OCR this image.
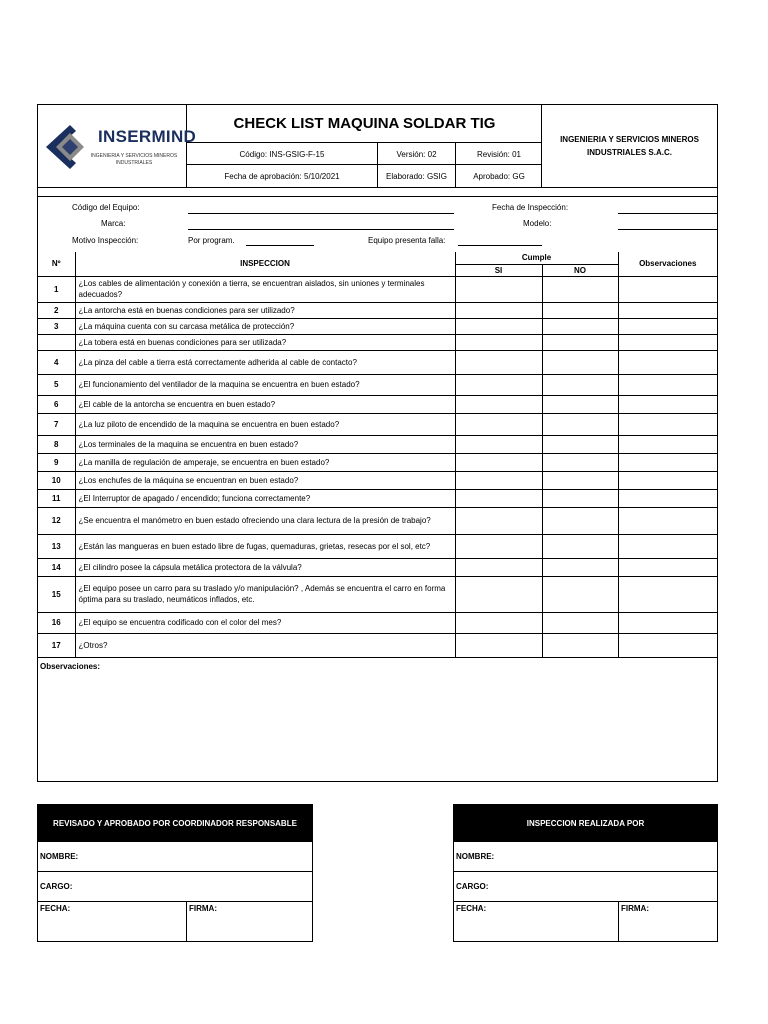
INSERMIND
INGENIERIA Y SERVICIOS MINEROS INDUSTRIALES
CHECK LIST MAQUINA SOLDAR TIG
Código: INS-GSIG-F-15	Versión: 02	Revisión: 01
Fecha de aprobación: 5/10/2021	Elaborado: GSIG	Aprobado: GG
INGENIERIA Y SERVICIOS MINEROS INDUSTRIALES S.A.C.
Código del Equipo:
Marca:
Motivo Inspección:	Por program.	Equipo presenta falla:
Fecha de Inspección:
Modelo:
Nº	INSPECCION	Cumple		Observaciones
		SI	NO	
1	¿Los cables de alimentación y conexión a tierra, se encuentran aislados, sin uniones y terminales adecuados?			
2	¿La antorcha está en buenas condiciones para ser utilizado?			
3	¿La máquina cuenta con su carcasa metálica de protección?			
	¿La tobera está en buenas condiciones para ser utilizada?			
4	¿La pinza del cable a tierra está correctamente adherida al cable de contacto?			
5	¿El funcionamiento del ventilador de la maquina se encuentra en buen estado?			
6	¿El cable de la antorcha se encuentra en buen estado?			
7	¿La luz piloto de encendido de la maquina se encuentra en buen estado?			
8	¿Los terminales de la maquina se encuentra en buen estado?			
9	¿La manilla de regulación de amperaje, se encuentra en buen estado?			
10	¿Los enchufes de la máquina se encuentran en buen estado?			
11	¿El Interruptor de apagado / encendido; funciona correctamente?			
12	¿Se encuentra el manómetro en buen estado ofreciendo una clara lectura de la presión de trabajo?			
13	¿Están las mangueras en buen estado libre de fugas, quemaduras, grietas, resecas por el sol, etc?			
14	¿El cilindro posee la cápsula metálica protectora de la válvula?			
15	¿El equipo posee un carro para su traslado y/o manipulación? , Además se encuentra el carro en forma óptima para su traslado, neumáticos inflados, etc.			
16	¿El equipo se encuentra codificado con el color del mes?			
17	¿Otros?			
Observaciones:
REVISADO Y APROBADO POR COORDINADOR RESPONSABLE
NOMBRE:
CARGO:
FECHA:	FIRMA:
INSPECCION REALIZADA POR
NOMBRE:
CARGO:
FECHA:	FIRMA:
